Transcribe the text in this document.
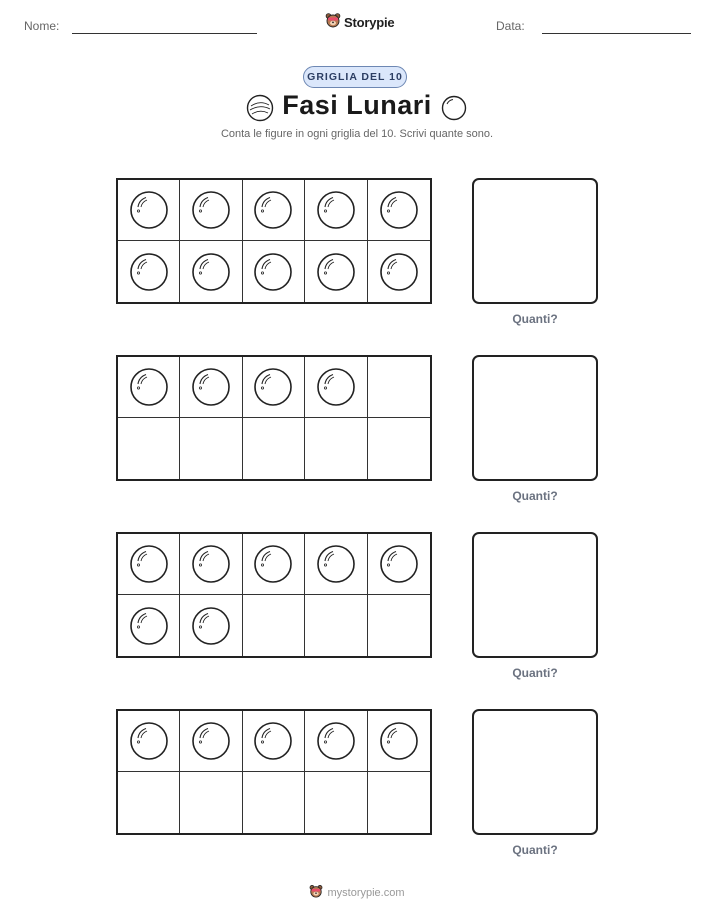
Nome:	Storypie	Data:
GRIGLIA DEL 10
Fasi Lunari
Conta le figure in ogni griglia del 10. Scrivi quante sono.
Quanti?
Quanti?
Quanti?
Quanti?
mystorypie.com
